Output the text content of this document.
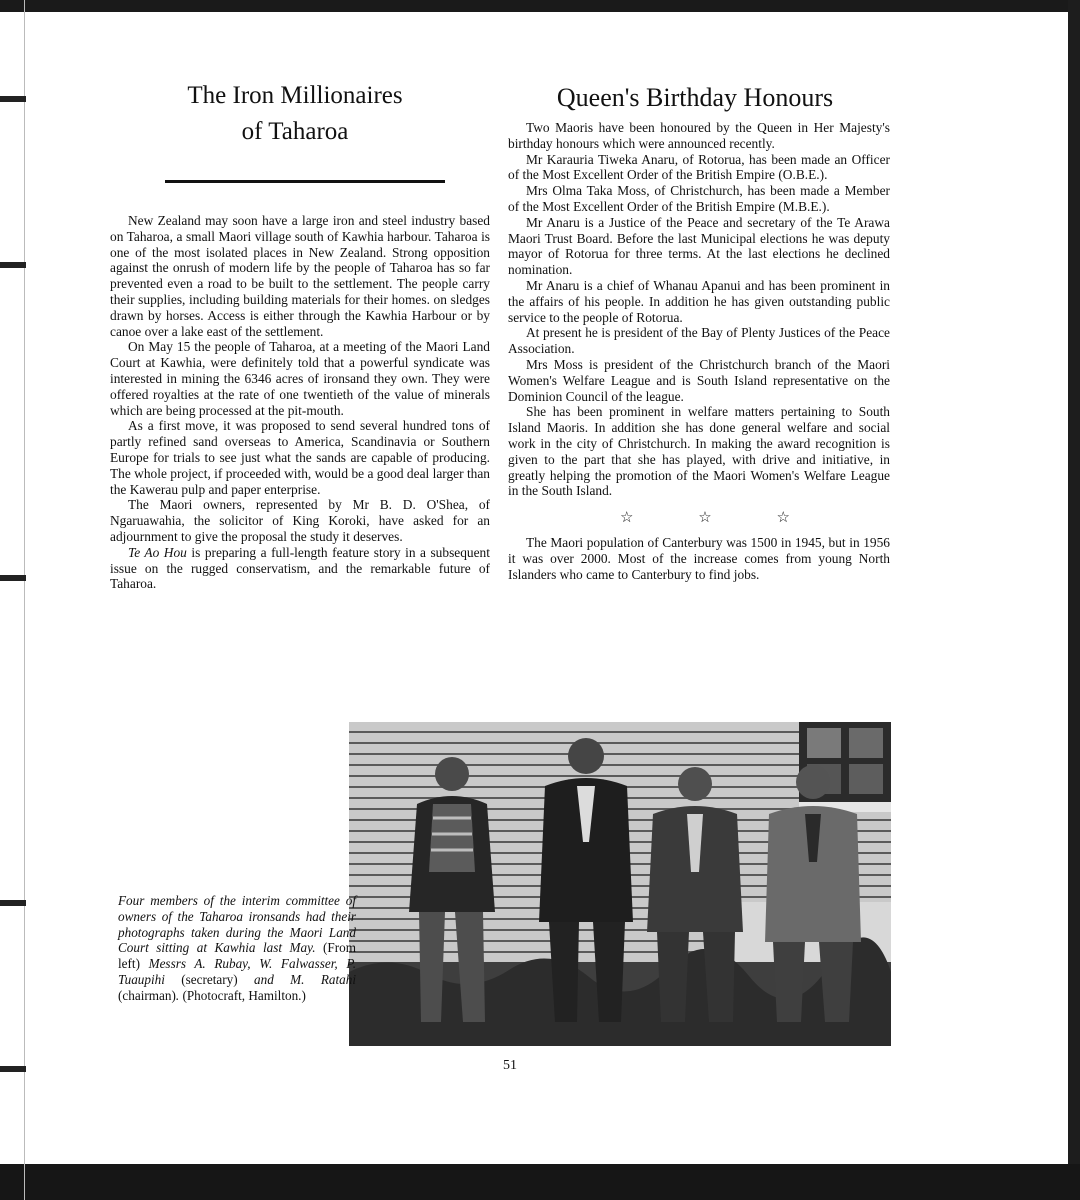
The Iron Millionaires
of Taharoa
Queen's Birthday Honours

New Zealand may soon have a large iron and steel industry based on Taharoa, a small Maori village south of Kawhia harbour. Taharoa is one of the most isolated places in New Zealand. Strong opposition against the onrush of modern life by the people of Taharoa has so far prevented even a road to be built to the settlement. The people carry their supplies, including building materials for their homes. on sledges drawn by horses. Access is either through the Kawhia Harbour or by canoe over a lake east of the settlement.

On May 15 the people of Taharoa, at a meeting of the Maori Land Court at Kawhia, were definitely told that a powerful syndicate was interested in mining the 6346 acres of ironsand they own. They were offered royalties at the rate of one twentieth of the value of minerals which are being processed at the pit-mouth.

As a first move, it was proposed to send several hundred tons of partly refined sand overseas to America, Scandinavia or Southern Europe for trials to see just what the sands are capable of producing. The whole project, if proceeded with, would be a good deal larger than the Kawerau pulp and paper enterprise.

The Maori owners, represented by Mr B. D. O'Shea, of Ngaruawahia, the solicitor of King Koroki, have asked for an adjournment to give the proposal the study it deserves.

Te Ao Hou is preparing a full-length feature story in a subsequent issue on the rugged conservatism, and the remarkable future of Taharoa.

Two Maoris have been honoured by the Queen in Her Majesty's birthday honours which were announced recently.

Mr Karauria Tiweka Anaru, of Rotorua, has been made an Officer of the Most Excellent Order of the British Empire (O.B.E.).

Mrs Olma Taka Moss, of Christchurch, has been made a Member of the Most Excellent Order of the British Empire (M.B.E.).

Mr Anaru is a Justice of the Peace and secretary of the Te Arawa Maori Trust Board. Before the last Municipal elections he was deputy mayor of Rotorua for three terms. At the last elections he declined nomination.

Mr Anaru is a chief of Whanau Apanui and has been prominent in the affairs of his people. In addition he has given outstanding public service to the people of Rotorua.

At present he is president of the Bay of Plenty Justices of the Peace Association.

Mrs Moss is president of the Christchurch branch of the Maori Women's Welfare League and is South Island representative on the Dominion Council of the league.

She has been prominent in welfare matters pertaining to South Island Maoris. In addition she has done general welfare and social work in the city of Christchurch. In making the award recognition is given to the part that she has played, with drive and initiative, in greatly helping the promotion of the Maori Women's Welfare League in the South Island.

☆	☆	☆

The Maori population of Canterbury was 1500 in 1945, but in 1956 it was over 2000. Most of the increase comes from young North Islanders who came to Canterbury to find jobs.

Four members of the interim committee of owners of the Taharoa ironsands had their photographs taken during the Maori Land Court sitting at Kawhia last May. (From left) Messrs A. Rubay, W. Falwasser, P. Tuaupihi (secretary) and M. Ratahi (chairman). (Photocraft, Hamilton.)
51
